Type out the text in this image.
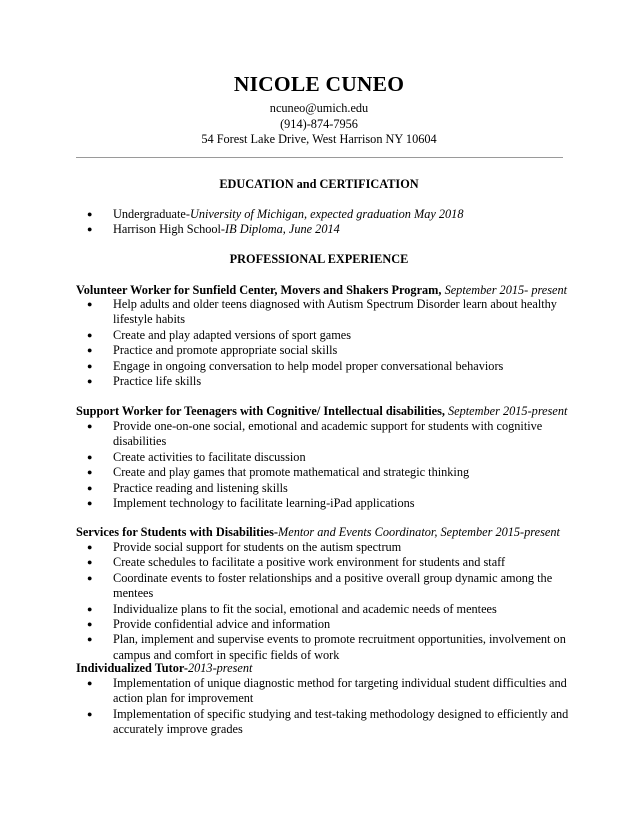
NICOLE CUNEO
ncuneo@umich.edu
(914)-874-7956
54 Forest Lake Drive, West Harrison NY 10604
EDUCATION and CERTIFICATION
● Undergraduate-University of Michigan, expected graduation May 2018
● Harrison High School-IB Diploma, June 2014
PROFESSIONAL EXPERIENCE
Volunteer Worker for Sunfield Center, Movers and Shakers Program, September 2015- present
● Help adults and older teens diagnosed with Autism Spectrum Disorder learn about healthy
lifestyle habits
● Create and play adapted versions of sport games
● Practice and promote appropriate social skills
● Engage in ongoing conversation to help model proper conversational behaviors
● Practice life skills
Support Worker for Teenagers with Cognitive/ Intellectual disabilities, September 2015-present
● Provide one-on-one social, emotional and academic support for students with cognitive
disabilities
● Create activities to facilitate discussion
● Create and play games that promote mathematical and strategic thinking
● Practice reading and listening skills
● Implement technology to facilitate learning-iPad applications
Services for Students with Disabilities-Mentor and Events Coordinator, September 2015-present
● Provide social support for students on the autism spectrum
● Create schedules to facilitate a positive work environment for students and staff
● Coordinate events to foster relationships and a positive overall group dynamic among the mentees
● Individualize plans to fit the social, emotional and academic needs of mentees
● Provide confidential advice and information
● Plan, implement and supervise events to promote recruitment opportunities, involvement on
campus and comfort in specific fields of work
Individualized Tutor-2013-present
● Implementation of unique diagnostic method for targeting individual student difficulties and
action plan for improvement
● Implementation of specific studying and test-taking methodology designed to efficiently and
accurately improve grades
